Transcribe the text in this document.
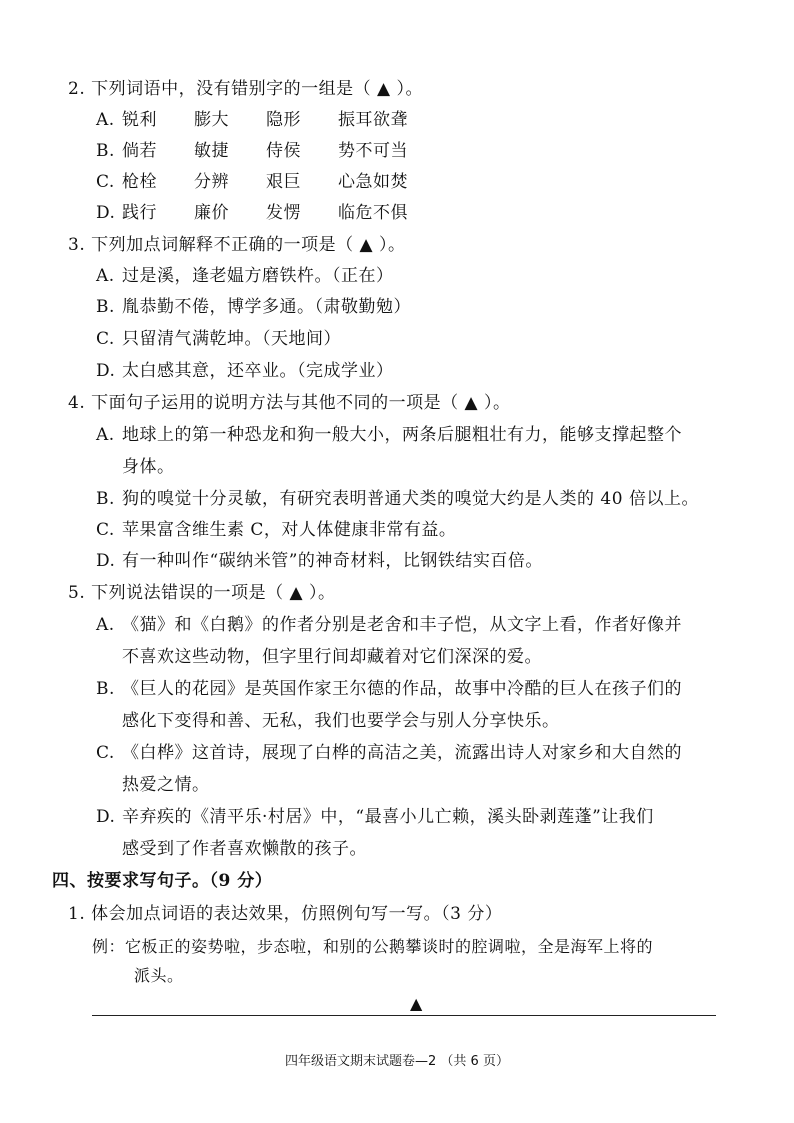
2. 下列词语中，没有错别字的一组是（ ▲ ）。
A. 锐利 膨大 隐形 振耳欲聋
B. 倘若 敏捷 侍侯 势不可当
C. 枪栓 分辨 艰巨 心急如焚
D. 践行 廉价 发愣 临危不俱
3. 下列加点词解释不正确的一项是（ ▲ ）。
A. 过是溪，逢老媪方磨铁杵。（正在）
B. 胤恭勤不倦，博学多通。（肃敬勤勉）
C. 只留清气满乾坤。（天地间）
D. 太白感其意，还卒业。（完成学业）
4. 下面句子运用的说明方法与其他不同的一项是（ ▲ ）。
A. 地球上的第一种恐龙和狗一般大小，两条后腿粗壮有力，能够支撑起整个
身体。
B. 狗的嗅觉十分灵敏，有研究表明普通犬类的嗅觉大约是人类的 40 倍以上。
C. 苹果富含维生素 C，对人体健康非常有益。
D. 有一种叫作“碳纳米管”的神奇材料，比钢铁结实百倍。
5. 下列说法错误的一项是（ ▲ ）。
A. 《猫》和《白鹅》的作者分别是老舍和丰子恺，从文字上看，作者好像并
不喜欢这些动物，但字里行间却藏着对它们深深的爱。
B. 《巨人的花园》是英国作家王尔德的作品，故事中冷酷的巨人在孩子们的
感化下变得和善、无私，我们也要学会与别人分享快乐。
C. 《白桦》这首诗，展现了白桦的高洁之美，流露出诗人对家乡和大自然的
热爱之情。
D. 辛弃疾的《清平乐·村居》中，“最喜小儿亡赖，溪头卧剥莲蓬”让我们
感受到了作者喜欢懒散的孩子。
四、按要求写句子。（9 分）
1. 体会加点词语的表达效果，仿照例句写一写。（3 分）
例：它板正的姿势啦，步态啦，和别的公鹅攀谈时的腔调啦，全是海军上将的
派头。
▲
四年级语文期末试题卷—2 （共 6 页）
